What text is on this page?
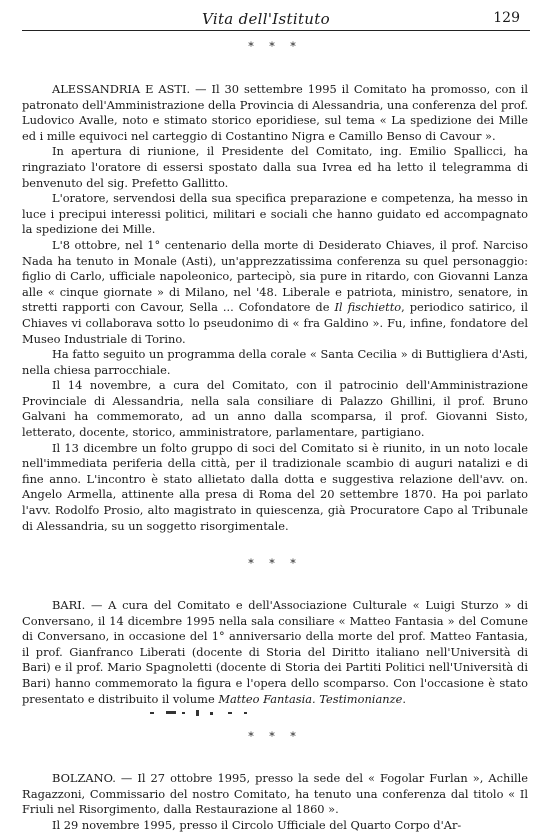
Vita dell'Istituto	129
* * *

ALESSANDRIA E ASTI. — Il 30 settembre 1995 il Comitato ha promosso, con il patronato dell'Amministrazione della Provincia di Alessandria, una conferenza del prof. Ludovico Avalle, noto e stimato storico eporidiese, sul tema « La spedizione dei Mille ed i mille equivoci nel carteggio di Costantino Nigra e Camillo Benso di Cavour ».

In apertura di riunione, il Presidente del Comitato, ing. Emilio Spallicci, ha ringraziato l'oratore di essersi spostato dalla sua Ivrea ed ha letto il telegramma di benvenuto del sig. Prefetto Gallitto.

L'oratore, servendosi della sua specifica preparazione e competenza, ha messo in luce i precipui interessi politici, militari e sociali che hanno guidato ed accompagnato la spedizione dei Mille.

L'8 ottobre, nel 1° centenario della morte di Desiderato Chiaves, il prof. Narciso Nada ha tenuto in Monale (Asti), un'apprezzatissima conferenza su quel personaggio: figlio di Carlo, ufficiale napoleonico, partecipò, sia pure in ritardo, con Giovanni Lanza alle « cinque giornate » di Milano, nel '48. Liberale e patriota, ministro, senatore, in stretti rapporti con Cavour, Sella ... Cofondatore de Il fischietto, periodico satirico, il Chiaves vi collaborava sotto lo pseudonimo di « fra Galdino ». Fu, infine, fondatore del Museo Industriale di Torino.

Ha fatto seguito un programma della corale « Santa Cecilia » di Buttigliera d'Asti, nella chiesa parrocchiale.

Il 14 novembre, a cura del Comitato, con il patrocinio dell'Amministrazione Provinciale di Alessandria, nella sala consiliare di Palazzo Ghillini, il prof. Bruno Galvani ha commemorato, ad un anno dalla scomparsa, il prof. Giovanni Sisto, letterato, docente, storico, amministratore, parlamentare, partigiano.

Il 13 dicembre un folto gruppo di soci del Comitato si è riunito, in un noto locale nell'immediata periferia della città, per il tradizionale scambio di auguri natalizi e di fine anno. L'incontro è stato allietato dalla dotta e suggestiva relazione dell'avv. on. Angelo Armella, attinente alla presa di Roma del 20 settembre 1870. Ha poi parlato l'avv. Rodolfo Prosio, alto magistrato in quiescenza, già Procuratore Capo al Tribunale di Alessandria, su un soggetto risorgimentale.

* * *

BARI. — A cura del Comitato e dell'Associazione Culturale « Luigi Sturzo » di Conversano, il 14 dicembre 1995 nella sala consiliare « Matteo Fantasia » del Comune di Conversano, in occasione del 1° anniversario della morte del prof. Matteo Fantasia, il prof. Gianfranco Liberati (docente di Storia del Diritto italiano nell'Università di Bari) e il prof. Mario Spagnoletti (docente di Storia dei Partiti Politici nell'Università di Bari) hanno commemorato la figura e l'opera dello scomparso. Con l'occasione è stato presentato e distribuito il volume Matteo Fantasia. Testimonianze.

* * *

BOLZANO. — Il 27 ottobre 1995, presso la sede del « Fogolar Furlan », Achille Ragazzoni, Commissario del nostro Comitato, ha tenuto una conferenza dal titolo « Il Friuli nel Risorgimento, dalla Restaurazione al 1860 ».

Il 29 novembre 1995, presso il Circolo Ufficiale del Quarto Corpo d'Ar-
